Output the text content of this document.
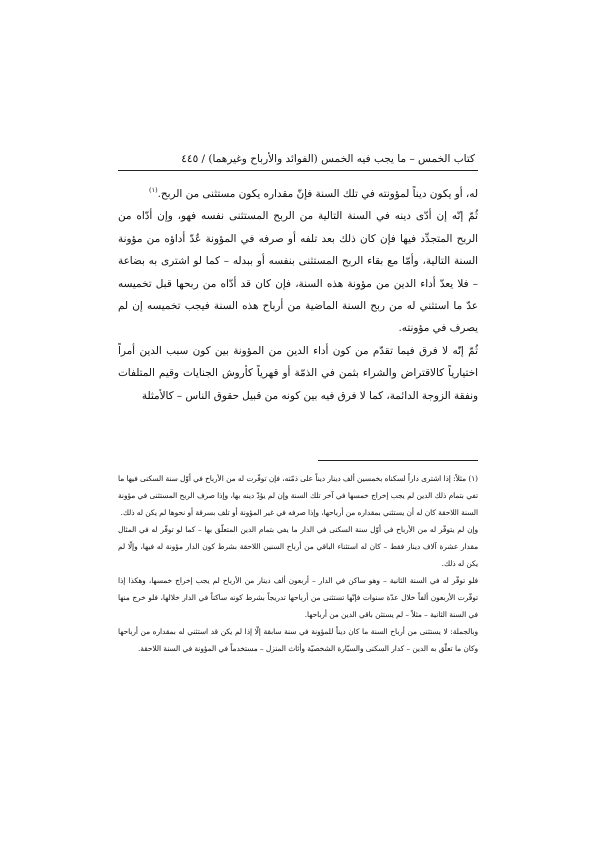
كتاب الخمس – ما يجب فيه الخمس (الفوائد والأرباح وغيرهما) / ٤٤٥

له، أو يكون ديناً لمؤونته في تلك السنة فإنّ مقداره يكون مستثنى من الربح.$^{(١)}$

ثُمّ إنّه إن أدّى دينه في السنة التالية من الربح المستثنى نفسه فهو، وإن أدّاه من الربح المتجدِّد فيها فإن كان ذلك بعد تلفه أو صرفه في المؤونة عُدّ أداؤه من مؤونة السنة التالية، وأمّا مع بقاء الربح المستثنى بنفسه أو ببدله – كما لو اشترى به بضاعة – فلا يعدّ أداء الدين من مؤونة هذه السنة، فإن كان قد أدّاه من ربحها قبل تخميسه عدّ ما استثني له من ربح السنة الماضية من أرباح هذه السنة فيجب تخميسه إن لم يصرف في مؤونته.

ثُمّ إنّه لا فرق فيما تقدّم من كون أداء الدين من المؤونة بين كون سبب الدين أمراً اختيارياً كالاقتراض والشراء بثمن في الذمّة أو قهرياً كأروش الجنايات وقيم المتلفات ونفقة الزوجة الدائمة، كما لا فرق فيه بين كونه من قبيل حقوق الناس – كالأمثلة

(١) مثلاً: إذا اشترى داراً لسكناه بخمسين ألف دينار ديناً على ذمّته، فإن توفّرت له من الأرباح في أوّل سنة السكنى فيها ما تفي بتمام ذلك الدين لم يجب إخراج خمسها في آخر تلك السنة وإن لم يؤدّ دينه بها، وإذا صرف الربح المستثنى في مؤونة السنة اللاحقة كان له أن يستثني بمقداره من أرباحها، وإذا صرفه في غير المؤونة أو تلف بسرقة أو نحوها لم يكن له ذلك.

وإن لم يتوفّر له من الأرباح في أوّل سنة السكنى في الدار ما يفي بتمام الدين المتعلّق بها – كما لو توفّر له في المثال مقدار عشرة آلاف دينار فقط – كان له استثناء الباقي من أرباح السنين اللاحقة بشرط كون الدار مؤونة له فيها، وإلّا لم يكن له ذلك.

فلو توفّر له في السنة الثانية – وهو ساكن في الدار – أربعون ألف دينار من الأرباح لم يجب إخراج خمسها، وهكذا إذا توفّرت الأربعون ألفاً خلال عدّة سنوات فإنّها تستثنى من أرباحها تدريجاً بشرط كونه ساكناً في الدار خلالها، فلو خرج منها في السنة الثانية – مثلاً – لم يستثن باقي الدين من أرباحها.

وبالجملة: لا يستثنى من أرباح السنة ما كان ديناً للمؤونة في سنة سابقة إلّا إذا لم يكن قد استثني له بمقداره من أرباحها وكان ما تعلّق به الدين – كدار السكنى والسيّارة الشخصيّة وأثاث المنزل – مستخدماً في المؤونة في السنة اللاحقة.
